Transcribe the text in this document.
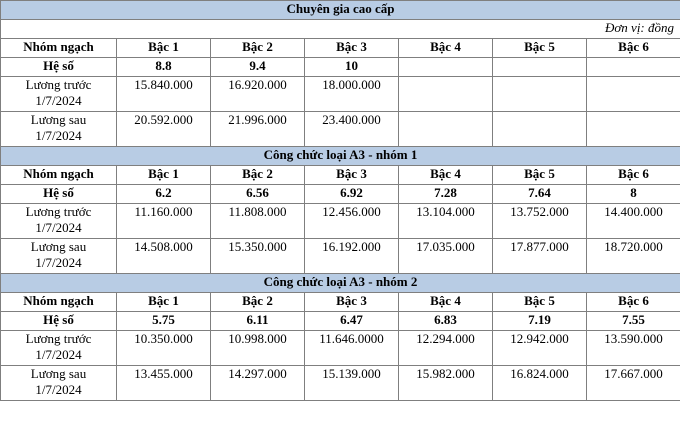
Chuyên gia cao cấp						
Đơn vị: đồng						
Nhóm ngạch	Bậc 1	Bậc 2	Bậc 3	Bậc 4	Bậc 5	Bậc 6
Hệ số	8.8	9.4	10			
Lương trước
1/7/2024	15.840.000	16.920.000	18.000.000			
Lương sau
1/7/2024	20.592.000	21.996.000	23.400.000			
Công chức loại A3 - nhóm 1						
Nhóm ngạch	Bậc 1	Bậc 2	Bậc 3	Bậc 4	Bậc 5	Bậc 6
Hệ số	6.2	6.56	6.92	7.28	7.64	8
Lương trước
1/7/2024	11.160.000	11.808.000	12.456.000	13.104.000	13.752.000	14.400.000
Lương sau
1/7/2024	14.508.000	15.350.000	16.192.000	17.035.000	17.877.000	18.720.000
Công chức loại A3 - nhóm 2						
Nhóm ngạch	Bậc 1	Bậc 2	Bậc 3	Bậc 4	Bậc 5	Bậc 6
Hệ số	5.75	6.11	6.47	6.83	7.19	7.55
Lương trước
1/7/2024	10.350.000	10.998.000	11.646.0000	12.294.000	12.942.000	13.590.000
Lương sau
1/7/2024	13.455.000	14.297.000	15.139.000	15.982.000	16.824.000	17.667.000
